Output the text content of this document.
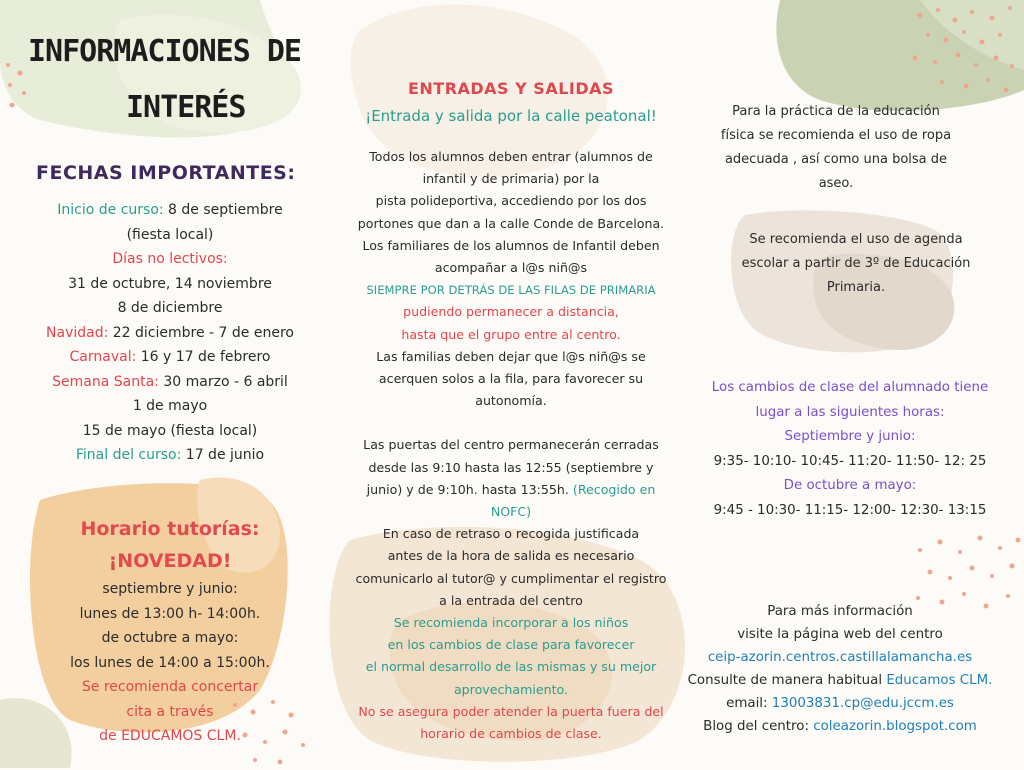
INFORMACIONES DE
INTERÉS
FECHAS IMPORTANTES:
Inicio de curso: 8 de septiembre
(fiesta local)
Días no lectivos:
31 de octubre, 14 noviembre
8 de diciembre
Navidad: 22 diciembre - 7 de enero
Carnaval: 16 y 17 de febrero
Semana Santa: 30 marzo - 6 abril
1 de mayo
15 de mayo (fiesta local)
Final del curso: 17 de junio
Horario tutorías:
¡NOVEDAD!
septiembre y junio:
lunes de 13:00 h- 14:00h.
de octubre a mayo:
los lunes de 14:00 a 15:00h.
Se recomienda concertar
cita a través
de EDUCAMOS CLM.
ENTRADAS Y SALIDAS
¡Entrada y salida por la calle peatonal!
Todos los alumnos deben entrar (alumnos de
infantil y de primaria) por la
pista polideportiva, accediendo por los dos
portones que dan a la calle Conde de Barcelona.
Los familiares de los alumnos de Infantil deben
acompañar a l@s niñ@s
SIEMPRE POR DETRÁS DE LAS FILAS DE PRIMARIA
pudiendo permanecer a distancia,
hasta que el grupo entre al centro.
Las familias deben dejar que l@s niñ@s se
acerquen solos a la fila, para favorecer su
autonomía.
Las puertas del centro permanecerán cerradas
desde las 9:10 hasta las 12:55 (septiembre y
junio) y de 9:10h. hasta 13:55h. (Recogido en
NOFC)
En caso de retraso o recogida justificada
antes de la hora de salida es necesario
comunicarlo al tutor@ y cumplimentar el registro
a la entrada del centro
Se recomienda incorporar a los niños
en los cambios de clase para favorecer
el normal desarrollo de las mismas y su mejor
aprovechamiento.
No se asegura poder atender la puerta fuera del
horario de cambios de clase.
Para la práctica de la educación
física se recomienda el uso de ropa
adecuada , así como una bolsa de
aseo.
Se recomienda el uso de agenda
escolar a partir de 3º de Educación
Primaria.
Los cambios de clase del alumnado tiene
lugar a las siguientes horas:
Septiembre y junio:
9:35- 10:10- 10:45- 11:20- 11:50- 12: 25
De octubre a mayo:
9:45 - 10:30- 11:15- 12:00- 12:30- 13:15
Para más información
visite la página web del centro
ceip-azorin.centros.castillalamancha.es
Consulte de manera habitual Educamos CLM.
email: 13003831.cp@edu.jccm.es
Blog del centro: coleazorin.blogspot.com
